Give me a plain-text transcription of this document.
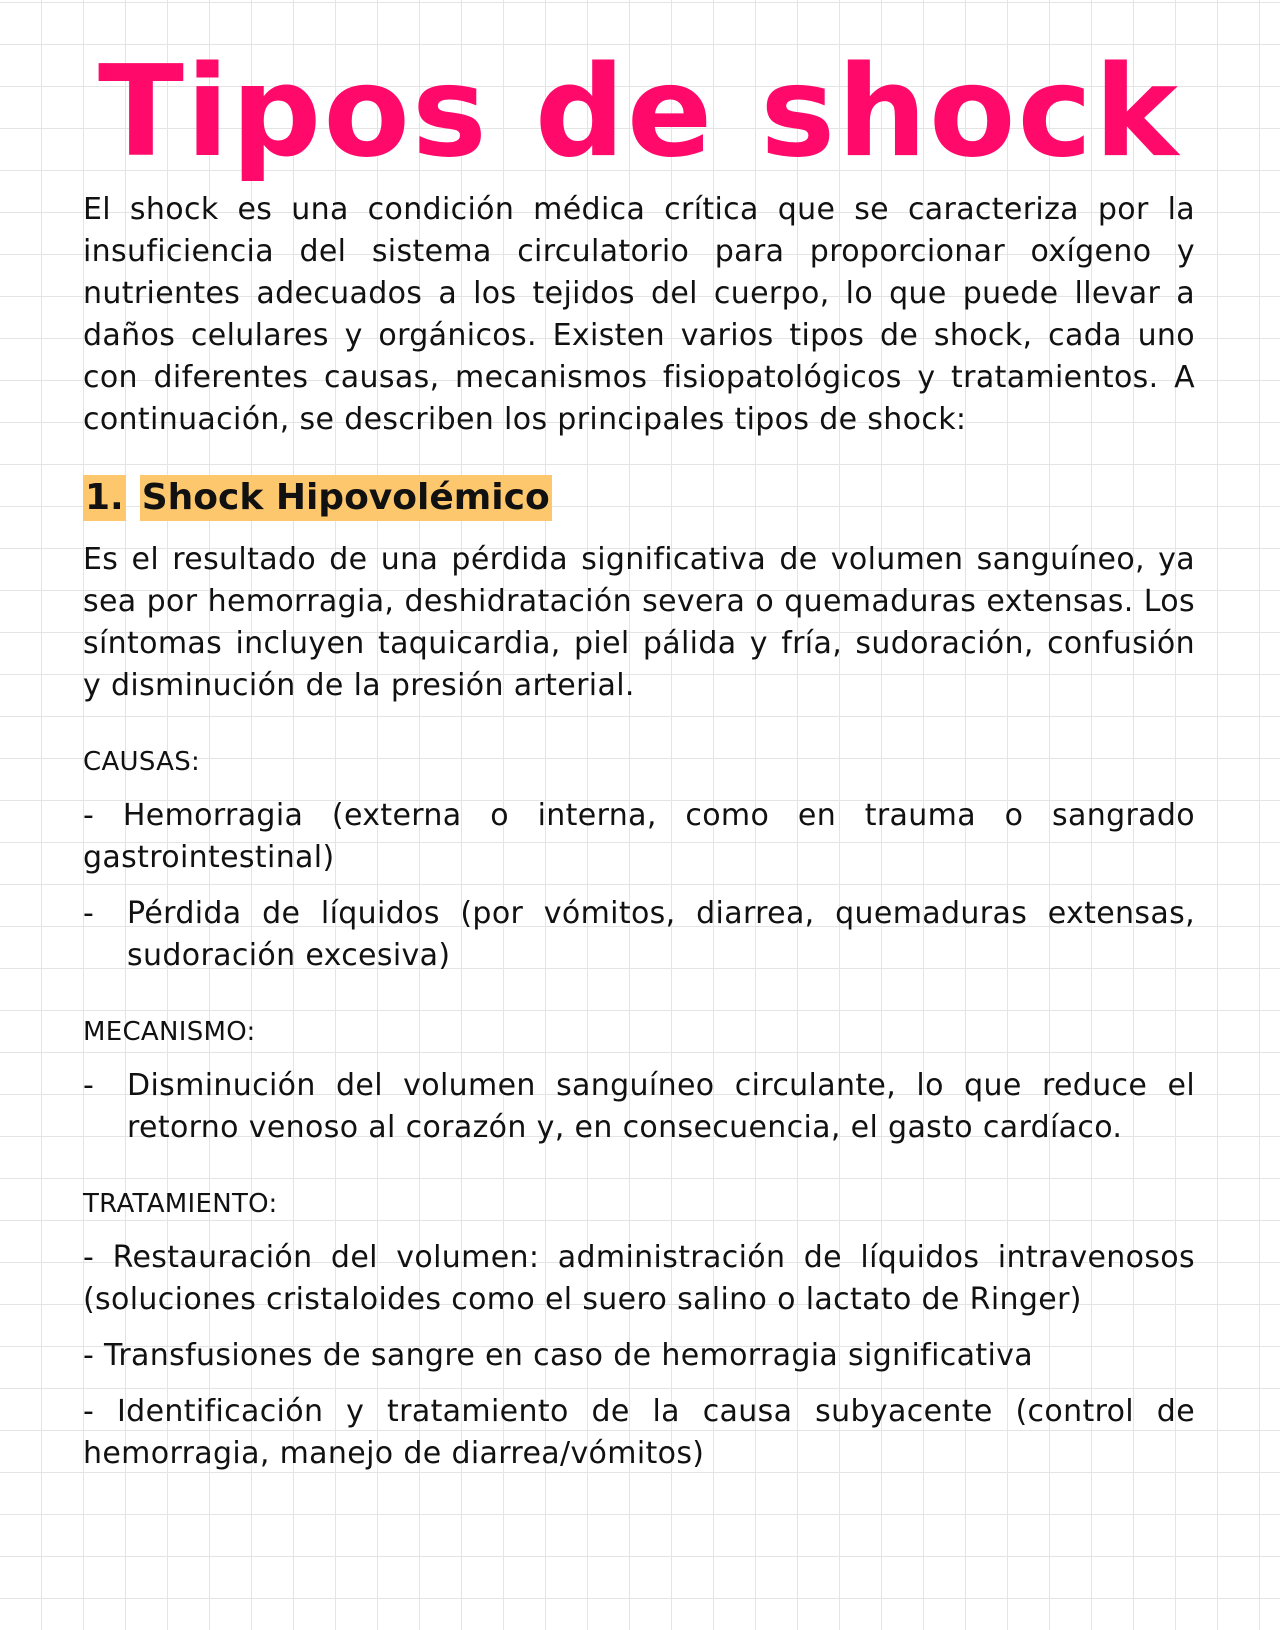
Tipos de shock

El shock es una condición médica crítica que se caracteriza por la insuficiencia del sistema circulatorio para proporcionar oxígeno y nutrientes adecuados a los tejidos del cuerpo, lo que puede llevar a daños celulares y orgánicos. Existen varios tipos de shock, cada uno con diferentes causas, mecanismos fisiopatológicos y tratamientos. A continuación, se describen los principales tipos de shock:

1. Shock Hipovolémico

Es el resultado de una pérdida significativa de volumen sanguíneo, ya sea por hemorragia, deshidratación severa o quemaduras extensas. Los síntomas incluyen taquicardia, piel pálida y fría, sudoración, confusión y disminución de la presión arterial.

CAUSAS:

- Hemorragia (externa o interna, como en trauma o sangrado gastrointestinal)

-	Pérdida de líquidos (por vómitos, diarrea, quemaduras extensas, sudoración excesiva)

MECANISMO:

-	Disminución del volumen sanguíneo circulante, lo que reduce el retorno venoso al corazón y, en consecuencia, el gasto cardíaco.

TRATAMIENTO:

- Restauración del volumen: administración de líquidos intravenosos (soluciones cristaloides como el suero salino o lactato de Ringer)

- Transfusiones de sangre en caso de hemorragia significativa

- Identificación y tratamiento de la causa subyacente (control de hemorragia, manejo de diarrea/vómitos)
